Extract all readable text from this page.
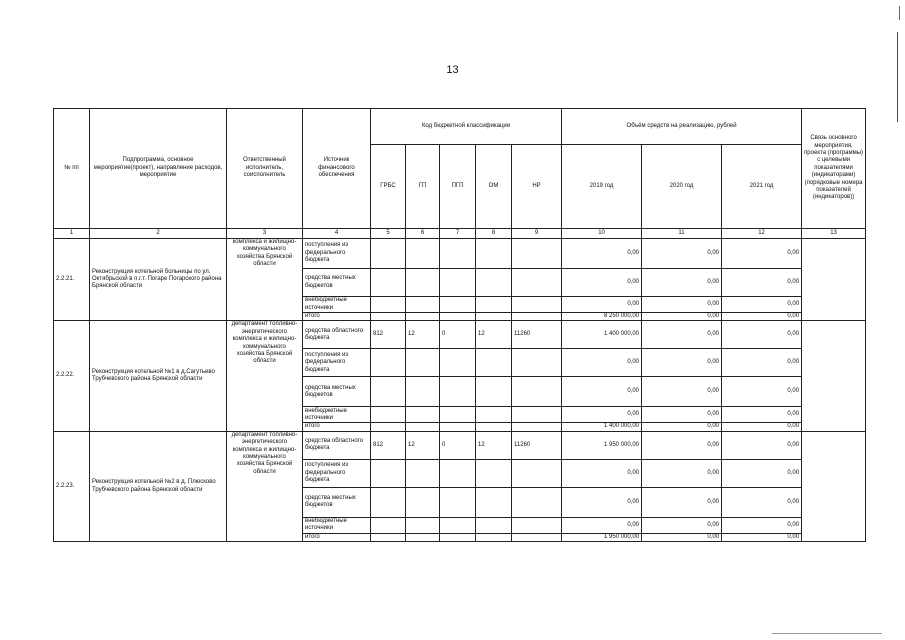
13
№ пп	Подпрограмма, основное мероприятие(проект), направление расходов, мероприятие	Ответственный исполнитель, соисполнитель	Источник финансового обеспечения	Код бюджетной классификации					Объём средств на реализацию, рублей			Связь основного мероприятия, проекта (программы) с целевыми показателями (индикаторами) (порядковые номера показателей (индикаторов))
				ГРБС	ГП	ПГП	ОМ	НР	2019 год	2020 год	2021 год	
1	2	3	4	5	6	7	8	9	10	11	12	13
2.2.21.	Реконструкция котельной больницы по ул. Октябрьской в п.г.т. Погаре Погарского района Брянской области	комплекса и жилищно-коммунального хозяйства Брянской области	поступления из федерального бюджета						0,00	0,00	0,00	
			средства местных бюджетов						0,00	0,00	0,00	
			внебюджетные источники						0,00	0,00	0,00	
			итого						8 250 000,00	0,00	0,00	
2.2.22.	Реконструкция котельной №1 в д.Сагутьево Трубчевского района Брянской области	департамент топливно-энергетического комплекса и жилищно-коммунального хозяйства Брянской области	средства областного бюджета	812	12	0	12	11260	1 400 000,00	0,00	0,00	
			поступления из федерального бюджета						0,00	0,00	0,00	
			средства местных бюджетов						0,00	0,00	0,00	
			внебюджетные источники						0,00	0,00	0,00	
			итого						1 400 000,00	0,00	0,00	
2.2.23.	Реконструкция котельной №2 в д. Плюсково Трубчевского района Брянской области	департамент топливно-энергетического комплекса и жилищно-коммунального хозяйства Брянской области	средства областного бюджета	812	12	0	12	11260	1 950 000,00	0,00	0,00	
			поступления из федерального бюджета						0,00	0,00	0,00	
			средства местных бюджетов						0,00	0,00	0,00	
			внебюджетные источники						0,00	0,00	0,00	
			итого						1 950 000,00	0,00	0,00	
